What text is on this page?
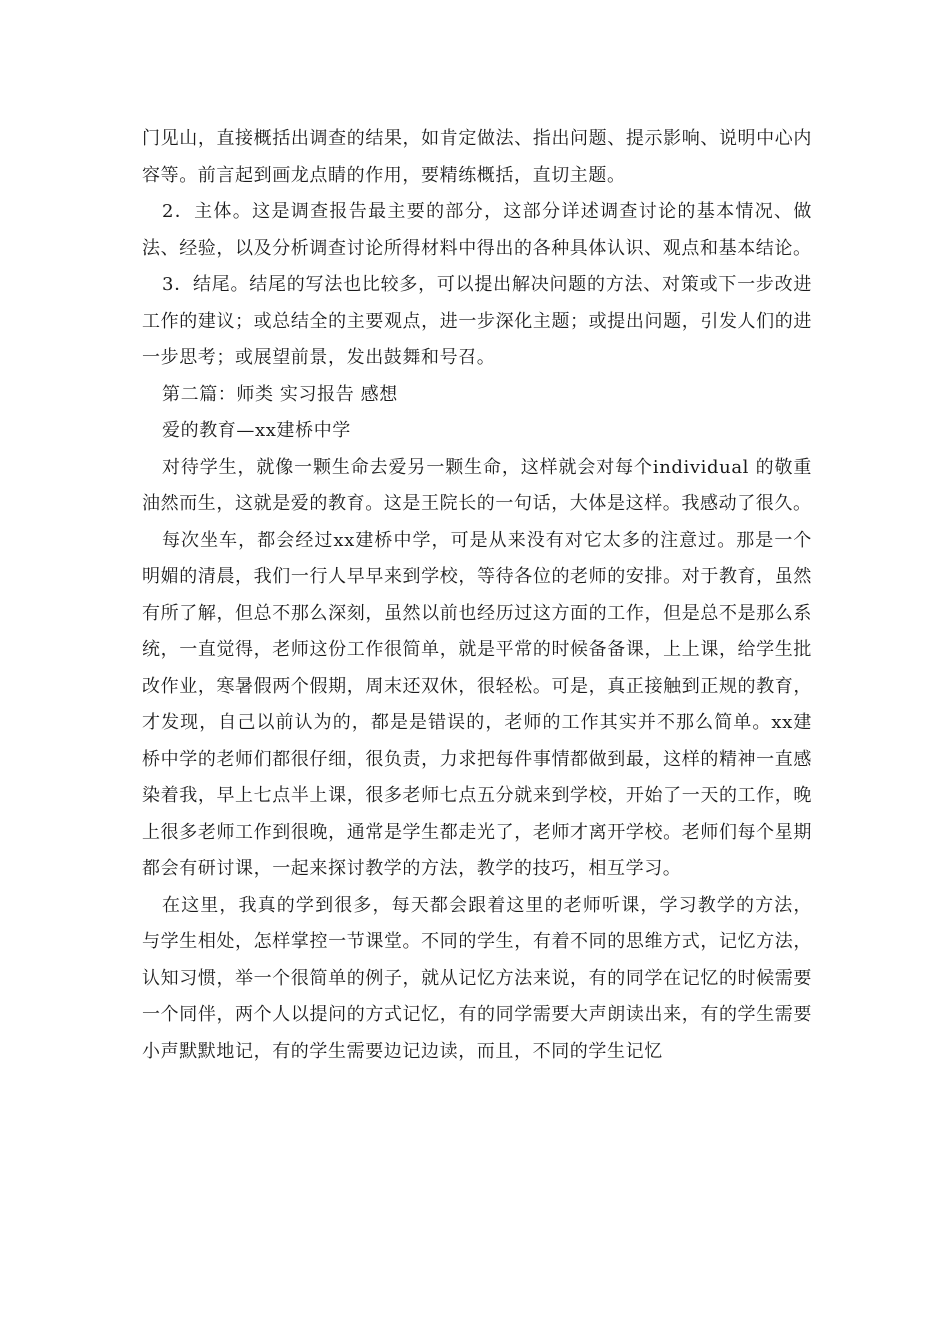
门见山，直接概括出调查的结果，如肯定做法、指出问题、提示影响、说明中心内容等。前言起到画龙点睛的作用，要精练概括，直切主题。

2．主体。这是调查报告最主要的部分，这部分详述调查讨论的基本情况、做法、经验，以及分析调查讨论所得材料中得出的各种具体认识、观点和基本结论。

3．结尾。结尾的写法也比较多，可以提出解决问题的方法、对策或下一步改进工作的建议；或总结全的主要观点，进一步深化主题；或提出问题，引发人们的进一步思考；或展望前景，发出鼓舞和号召。

第二篇：师类 实习报告 感想

爱的教育—xx建桥中学

对待学生，就像一颗生命去爱另一颗生命，这样就会对每个individual 的敬重油然而生，这就是爱的教育。这是王院长的一句话，大体是这样。我感动了很久。

每次坐车，都会经过xx建桥中学，可是从来没有对它太多的注意过。那是一个明媚的清晨，我们一行人早早来到学校，等待各位的老师的安排。对于教育，虽然有所了解，但总不那么深刻，虽然以前也经历过这方面的工作，但是总不是那么系统，一直觉得，老师这份工作很简单，就是平常的时候备备课，上上课，给学生批改作业，寒暑假两个假期，周末还双休，很轻松。可是，真正接触到正规的教育，才发现，自己以前认为的，都是是错误的，老师的工作其实并不那么简单。xx建桥中学的老师们都很仔细，很负责，力求把每件事情都做到最，这样的精神一直感染着我，早上七点半上课，很多老师七点五分就来到学校，开始了一天的工作，晚上很多老师工作到很晚，通常是学生都走光了，老师才离开学校。老师们每个星期都会有研讨课，一起来探讨教学的方法，教学的技巧，相互学习。

在这里，我真的学到很多，每天都会跟着这里的老师听课，学习教学的方法，与学生相处，怎样掌控一节课堂。不同的学生，有着不同的思维方式，记忆方法，认知习惯，举一个很简单的例子，就从记忆方法来说，有的同学在记忆的时候需要一个同伴，两个人以提问的方式记忆，有的同学需要大声朗读出来，有的学生需要小声默默地记，有的学生需要边记边读，而且，不同的学生记忆
